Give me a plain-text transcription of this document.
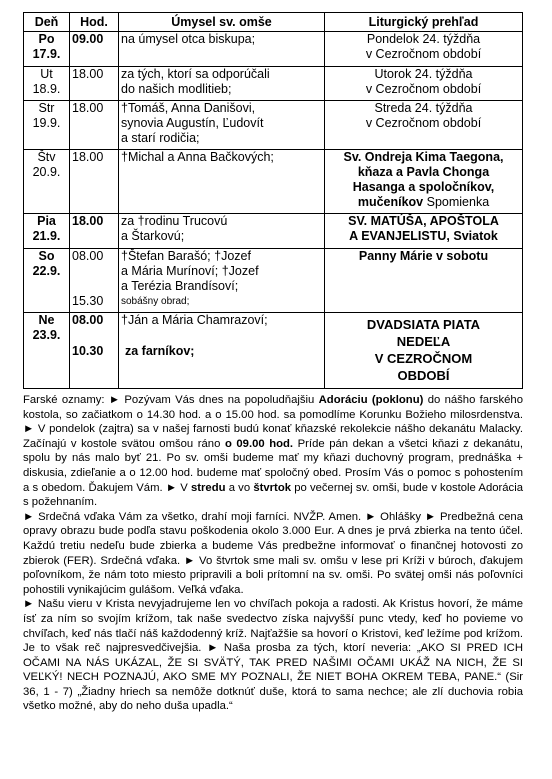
Deň	Hod.	Úmysel sv. omše	Liturgický prehľad

Po
17.9.	09.00	na úmysel otca biskupa;	Pondelok 24. týždňa
v Cezročnom období

Ut
18.9.	18.00	za tých, ktorí sa odporúčali
do našich modlitieb;	Utorok 24. týždňa
v Cezročnom období

Str
19.9.	18.00	†Tomáš, Anna Danišovi,
synovia Augustín, Ľudovít
a starí rodičia;	Streda 24. týždňa
v Cezročnom období

Štv
20.9.	18.00	†Michal a Anna Bačkových;	Sv. Ondreja Kima Taegona,
kňaza a Pavla Chonga
Hasanga a spoločníkov,
mučeníkov Spomienka

Pia
21.9.	18.00	za †rodinu Trucovú
a Štarkovú;	SV. MATÚŠA, APOŠTOLA
A EVANJELISTU, Sviatok

So
22.9.	08.00
15.30	†Štefan Barašó; †Jozef
a Mária Murínoví; †Jozef
a Terézia Brandísoví;
sobášny obrad;	Panny Márie v sobotu

Ne
23.9.	08.00
10.30	†Ján a Mária Chamrazoví;
za farníkov;	DVADSIATA PIATA
NEDEĽA
V CEZROČNOM
OBDOBÍ

Farské oznamy: ► Pozývam Vás dnes na popoludňajšiu Adoráciu (poklonu) do nášho farského kostola, so začiatkom o 14.30 hod. a o 15.00 hod. sa pomodlíme Korunku Božieho milosrdenstva. ► V pondelok (zajtra) sa v našej farnosti budú konať kňazské rekolekcie nášho dekanátu Malacky. Začínajú v kostole svätou omšou ráno o 09.00 hod. Príde pán dekan a všetci kňazi z dekanátu, spolu by nás malo byť 21. Po sv. omši budeme mať my kňazi duchovný program, prednáška + diskusia, zdieľanie a o 12.00 hod. budeme mať spoločný obed. Prosím Vás o pomoc s pohostením a s obedom. Ďakujem Vám. ► V stredu a vo štvrtok po večernej sv. omši, bude v kostole Adorácia s požehnaním.

► Srdečná vďaka Vám za všetko, drahí moji farníci. NVŽP. Amen. ► Ohlášky ► Predbežná cena opravy obrazu bude podľa stavu poškodenia okolo 3.000 Eur. A dnes je prvá zbierka na tento účel. Každú tretiu nedeľu bude zbierka a budeme Vás predbežne informovať o finančnej hotovosti zo zbierok (FER). Srdečná vďaka. ► Vo štvrtok sme mali sv. omšu v lese pri Kríži v búroch, ďakujem poľovníkom, že nám toto miesto pripravili a boli prítomní na sv. omši. Po svätej omši nás poľovníci pohostili vynikajúcim gulášom. Veľká vďaka.

► Našu vieru v Krista nevyjadrujeme len vo chvíľach pokoja a radosti. Ak Kristus hovorí, že máme ísť za ním so svojím krížom, tak naše svedectvo získa najvyšší punc vtedy, keď ho povieme vo chvíľach, keď nás tlačí náš každodenný kríž. Najťažšie sa hovorí o Kristovi, keď ležíme pod krížom. Je to však reč najpresvedčivejšia. ► Naša prosba za tých, ktorí neveria: „AKO SI PRED ICH OČAMI NA NÁS UKÁZAL, ŽE SI SVÄTÝ, TAK PRED NAŠIMI OČAMI UKÁŽ NA NICH, ŽE SI VEĽKÝ! NECH POZNAJÚ, AKO SME MY POZNALI, ŽE NIET BOHA OKREM TEBA, PANE.“ (Sir 36, 1 - 7) „Žiadny hriech sa nemôže dotknúť duše, ktorá to sama nechce; ale zlí duchovia robia všetko možné, aby do neho duša upadla.“
